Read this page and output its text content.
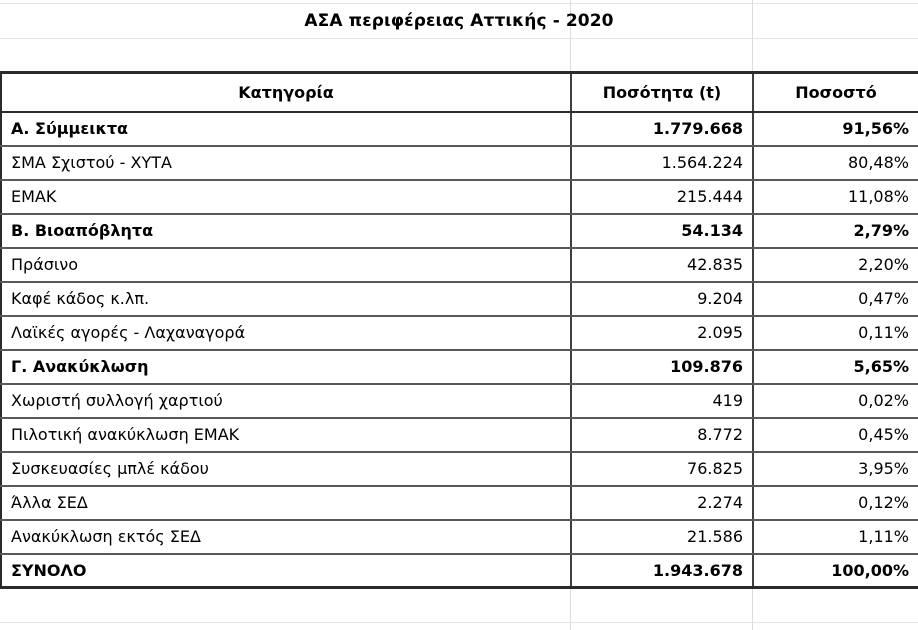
ΑΣΑ περιφέρειας Αττικής - 2020
Κατηγορία	Ποσότητα (t)	Ποσοστό
Α. Σύμμεικτα	1.779.668	91,56%
ΣΜΑ Σχιστού - ΧΥΤΑ	1.564.224	80,48%
ΕΜΑΚ	215.444	11,08%
Β. Βιοαπόβλητα	54.134	2,79%
Πράσινο	42.835	2,20%
Καφέ κάδος κ.λπ.	9.204	0,47%
Λαϊκές αγορές - Λαχαναγορά	2.095	0,11%
Γ. Ανακύκλωση	109.876	5,65%
Χωριστή συλλογή χαρτιού	419	0,02%
Πιλοτική ανακύκλωση ΕΜΑΚ	8.772	0,45%
Συσκευασίες μπλέ κάδου	76.825	3,95%
Άλλα ΣΕΔ	2.274	0,12%
Ανακύκλωση εκτός ΣΕΔ	21.586	1,11%
ΣΥΝΟΛΟ	1.943.678	100,00%
